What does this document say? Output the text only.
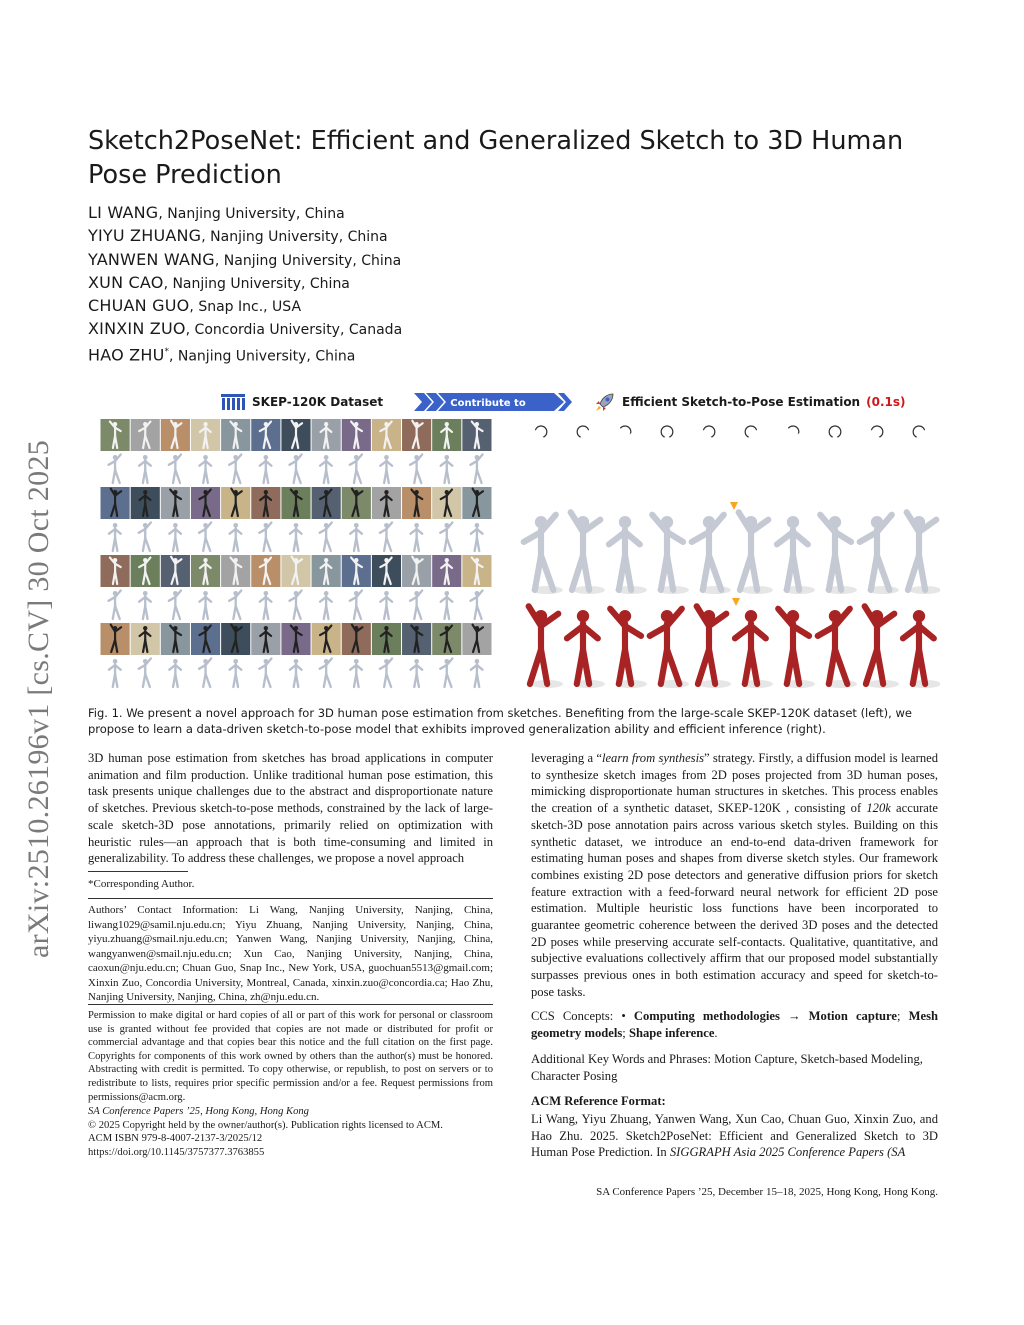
arXiv:2510.26196v1 [cs.CV] 30 Oct 2025
Sketch2PoseNet: Efficient and Generalized Sketch to 3D Human Pose Prediction
LI WANG, Nanjing University, China
YIYU ZHUANG, Nanjing University, China
YANWEN WANG, Nanjing University, China
XUN CAO, Nanjing University, China
CHUAN GUO, Snap Inc., USA
XINXIN ZUO, Concordia University, Canada
HAO ZHU*, Nanjing University, China
SKEP-120K Dataset	Contribute to	Efficient Sketch-to-Pose Estimation (0.1s)

Fig. 1. We present a novel approach for 3D human pose estimation from sketches. Benefiting from the large-scale SKEP-120K dataset (left), we propose to learn a data-driven sketch-to-pose model that exhibits improved generalization ability and efficient inference (right).

3D human pose estimation from sketches has broad applications in computer animation and film production. Unlike traditional human pose estimation, this task presents unique challenges due to the abstract and disproportionate nature of sketches. Previous sketch-to-pose methods, constrained by the lack of large-scale sketch-3D pose annotations, primarily relied on optimization with heuristic rules—an approach that is both time-consuming and limited in generalizability. To address these challenges, we propose a novel approach

*Corresponding Author.
Authors’ Contact Information: Li Wang, Nanjing University, Nanjing, China, liwang1029@samil.nju.edu.cn; Yiyu Zhuang, Nanjing University, Nanjing, China, yiyu.zhuang@smail.nju.edu.cn; Yanwen Wang, Nanjing University, Nanjing, China, wangyanwen@smail.nju.edu.cn; Xun Cao, Nanjing University, Nanjing, China, caoxun@nju.edu.cn; Chuan Guo, Snap Inc., New York, USA, guochuan5513@gmail.com; Xinxin Zuo, Concordia University, Montreal, Canada, xinxin.zuo@concordia.ca; Hao Zhu, Nanjing University, Nanjing, China, zh@nju.edu.cn.
Permission to make digital or hard copies of all or part of this work for personal or classroom use is granted without fee provided that copies are not made or distributed for profit or commercial advantage and that copies bear this notice and the full citation on the first page. Copyrights for components of this work owned by others than the author(s) must be honored. Abstracting with credit is permitted. To copy otherwise, or republish, to post on servers or to redistribute to lists, requires prior specific permission and/or a fee. Request permissions from permissions@acm.org.
SA Conference Papers ’25, Hong Kong, Hong Kong
© 2025 Copyright held by the owner/author(s). Publication rights licensed to ACM.
ACM ISBN 979-8-4007-2137-3/2025/12
https://doi.org/10.1145/3757377.3763855

leveraging a “learn from synthesis” strategy. Firstly, a diffusion model is learned to synthesize sketch images from 2D poses projected from 3D human poses, mimicking disproportionate human structures in sketches. This process enables the creation of a synthetic dataset, SKEP-120K , consisting of 120k accurate sketch-3D pose annotation pairs across various sketch styles. Building on this synthetic dataset, we introduce an end-to-end data-driven framework for estimating human poses and shapes from diverse sketch styles. Our framework combines existing 2D pose detectors and generative diffusion priors for sketch feature extraction with a feed-forward neural network for efficient 2D pose estimation. Multiple heuristic loss functions have been incorporated to guarantee geometric coherence between the derived 3D poses and the detected 2D poses while preserving accurate self-contacts. Qualitative, quantitative, and subjective evaluations collectively affirm that our proposed model substantially surpasses previous ones in both estimation accuracy and speed for sketch-to-pose tasks.

CCS Concepts: • Computing methodologies → Motion capture; Mesh geometry models; Shape inference.
Additional Key Words and Phrases: Motion Capture, Sketch-based Modeling, Character Posing
ACM Reference Format:
Li Wang, Yiyu Zhuang, Yanwen Wang, Xun Cao, Chuan Guo, Xinxin Zuo, and Hao Zhu. 2025. Sketch2PoseNet: Efficient and Generalized Sketch to 3D Human Pose Prediction. In SIGGRAPH Asia 2025 Conference Papers (SA
SA Conference Papers ’25, December 15–18, 2025, Hong Kong, Hong Kong.
